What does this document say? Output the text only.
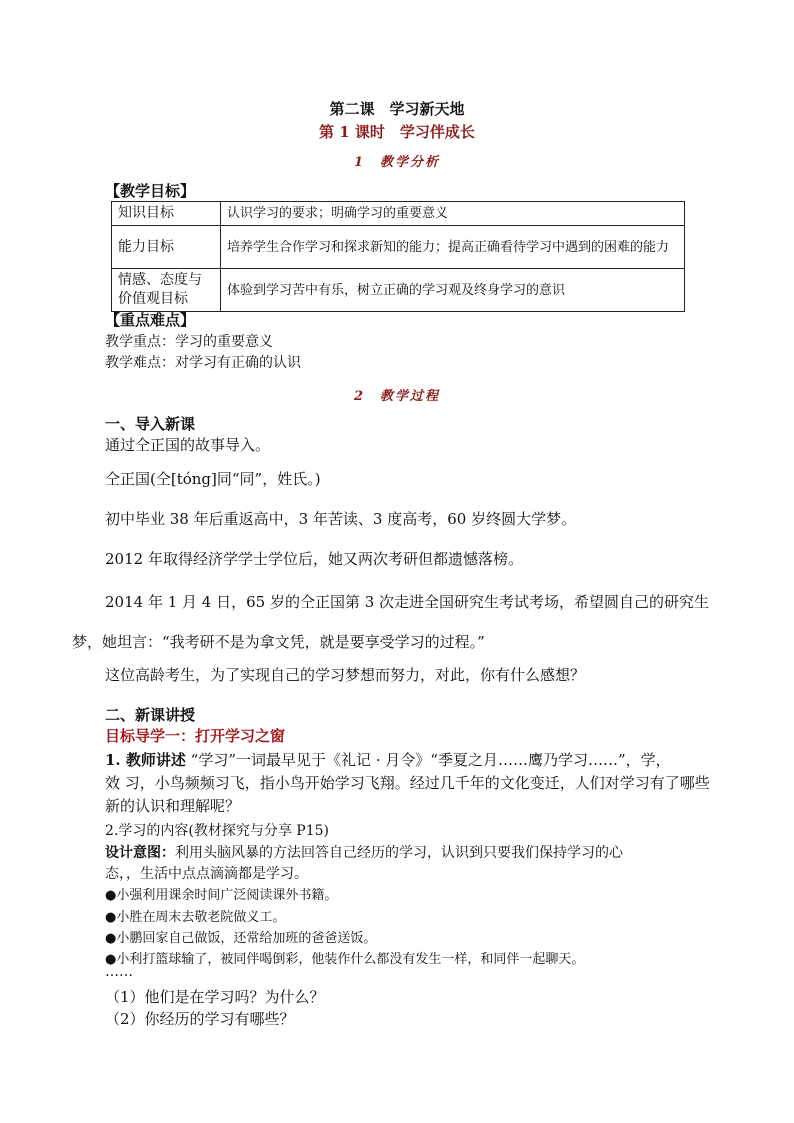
第二课　学习新天地
第 1 课时　学习伴成长
1　教学分析
【教学目标】
知识目标	认识学习的要求；明确学习的重要意义
能力目标	培养学生合作学习和探求新知的能力；提高正确看待学习中遇到的困难的能力
情感、态度与价值观目标	体验到学习苦中有乐，树立正确的学习观及终身学习的意识
【重点难点】
教学重点：学习的重要意义
教学难点：对学习有正确的认识
2　教学过程
一、导入新课
通过仝正国的故事导入。
仝正国(仝[tóng]同“同”，姓氏。)
初中毕业 38 年后重返高中，3 年苦读、3 度高考，60 岁终圆大学梦。
2012 年取得经济学学士学位后，她又两次考研但都遗憾落榜。
2014 年 1 月 4 日，65 岁的仝正国第 3 次走进全国研究生考试考场，希望圆自己的研究生
梦，她坦言：“我考研不是为拿文凭，就是要享受学习的过程。”
这位高龄考生，为了实现自己的学习梦想而努力，对此，你有什么感想？
二、新课讲授
目标导学一：打开学习之窗
1. 教师讲述 “学习”一词最早见于《礼记 · 月令》“季夏之月……鹰乃学习……”，学，
效 习，小鸟频频习飞，指小鸟开始学习飞翔。经过几千年的文化变迁，人们对学习有了哪些
新的认识和理解呢？
2.学习的内容(教材探究与分享 P15)
设计意图：利用头脑风暴的方法回答自己经历的学习，认识到只要我们保持学习的心
态，，生活中点点滴滴都是学习。
●小强利用课余时间广泛阅读课外书籍。
●小胜在周末去敬老院做义工。
●小鹏回家自己做饭，还常给加班的爸爸送饭。
●小利打篮球输了，被同伴喝倒彩，他装作什么都没有发生一样，和同伴一起聊天。
……
（1）他们是在学习吗？为什么？
（2）你经历的学习有哪些？
